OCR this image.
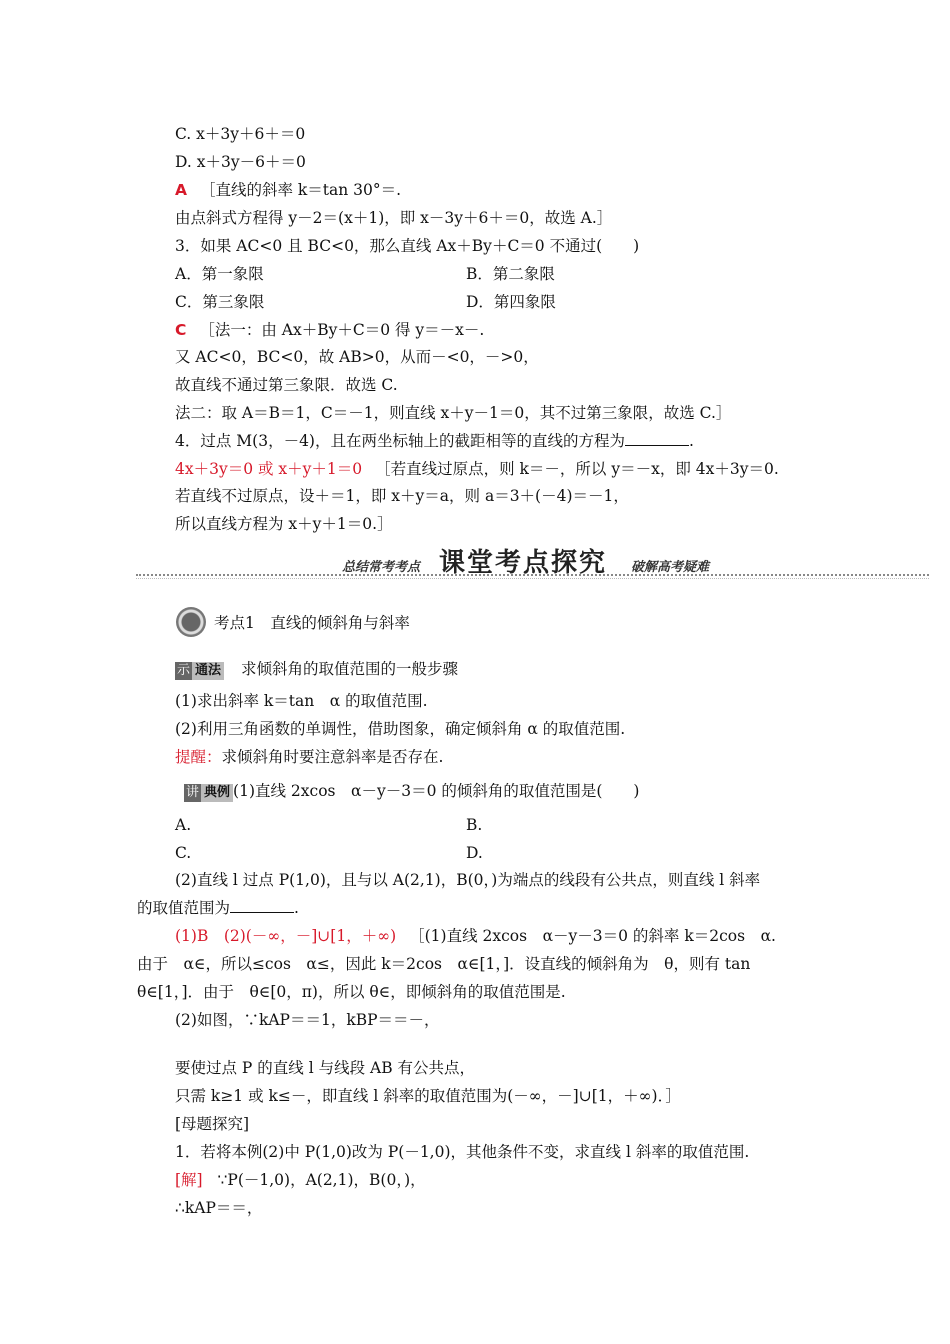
C. x＋3y＋6＋＝0
D. x＋3y－6＋＝0
A ［直线的斜率 k＝tan 30°＝.
由点斜式方程得 y－2＝(x＋1)，即 x－3y＋6＋＝0，故选 A.］
3．如果 AC<0 且 BC<0，那么直线 Ax＋By＋C＝0 不通过(　　)
A．第一象限	B．第二象限
C．第三象限	D．第四象限
C ［法一：由 Ax＋By＋C＝0 得 y＝－x－.
又 AC<0，BC<0，故 AB>0，从而－<0，－>0，
故直线不通过第三象限．故选 C.
法二：取 A＝B＝1，C＝－1，则直线 x＋y－1＝0，其不过第三象限，故选 C.］
4．过点 M(3，－4)，且在两坐标轴上的截距相等的直线的方程为	.
4x＋3y＝0 或 x＋y＋1＝0 ［若直线过原点，则 k＝－，所以 y＝－x，即 4x＋3y＝0.
若直线不过原点，设＋＝1，即 x＋y＝a，则 a＝3＋(－4)＝－1，
所以直线方程为 x＋y＋1＝0.］
总结常考考点 课堂考点探究 破解高考疑难
考点1　直线的倾斜角与斜率
示 通法 求倾斜角的取值范围的一般步骤
(1)求出斜率 k＝tan　α 的取值范围.
(2)利用三角函数的单调性，借助图象，确定倾斜角 α 的取值范围.
提醒：求倾斜角时要注意斜率是否存在.
讲 典例 (1)直线 2xcos　α－y－3＝0 的倾斜角的取值范围是(　　)
A.	B.
C.	D.
(2)直线 l 过点 P(1,0)，且与以 A(2,1)，B(0，)为端点的线段有公共点，则直线 l 斜率
的取值范围为	.
(1)B　(2)(－∞，－]∪[1，＋∞) ［(1)直线 2xcos　α－y－3＝0 的斜率 k＝2cos　α.
由于　α∈，所以≤cos　α≤，因此 k＝2cos　α∈[1，]．设直线的倾斜角为　θ，则有 tan
θ∈[1，]．由于　θ∈[0，π)，所以 θ∈，即倾斜角的取值范围是.
(2)如图，∵kAP＝＝1，kBP＝＝－，
要使过点 P 的直线 l 与线段 AB 有公共点，
只需 k≥1 或 k≤－，即直线 l 斜率的取值范围为(－∞，－]∪[1，＋∞)．］
[母题探究]
1．若将本例(2)中 P(1,0)改为 P(－1,0)，其他条件不变，求直线 l 斜率的取值范围.
[解] ∵P(－1,0)，A(2,1)，B(0，)，
∴kAP＝＝，
